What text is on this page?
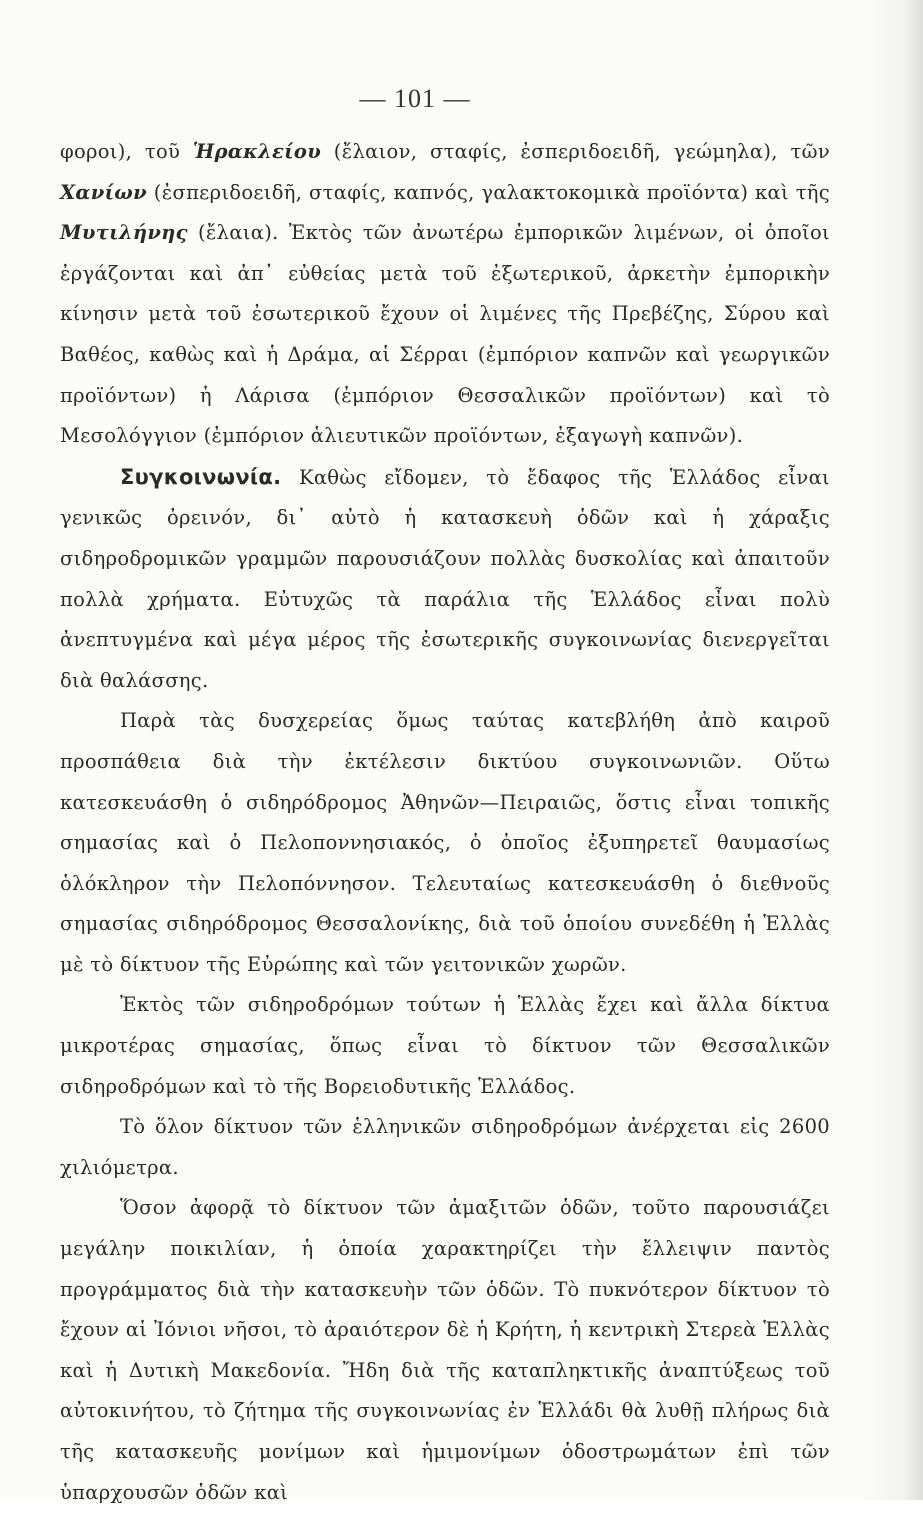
— 101 —

φοροι), τοῦ Ἡρακλείου (ἔλαιον, σταφίς, ἐσπεριδοειδῆ, γεώμηλα), τῶν Χανίων (ἐσπεριδοειδῆ, σταφίς, καπνός, γαλακτοκομικὰ προϊόντα) καὶ τῆς Μυτιλήνης (ἔλαια). Ἐκτὸς τῶν ἀνωτέρω ἐμπορικῶν λιμένων, οἱ ὁποῖοι ἐργάζονται καὶ ἀπ᾽ εὐθείας μετὰ τοῦ ἐξωτερικοῦ, ἀρκετὴν ἐμπορικὴν κίνησιν μετὰ τοῦ ἐσωτερικοῦ ἔχουν οἱ λιμένες τῆς Πρεβέζης, Σύρου καὶ Βαθέος, καθὼς καὶ ἡ Δράμα, αἱ Σέρραι (ἐμπόριον καπνῶν καὶ γεωργικῶν προϊόντων) ἡ Λάρισα (ἐμπόριον Θεσσαλικῶν προϊόντων) καὶ τὸ Μεσολόγγιον (ἐμπόριον ἁλιευτικῶν προϊόντων, ἐξαγωγὴ καπνῶν).

Συγκοινωνία. Καθὼς εἴδομεν, τὸ ἔδαφος τῆς Ἑλλάδος εἶναι γενικῶς ὀρεινόν, δι᾽ αὐτὸ ἡ κατασκευὴ ὁδῶν καὶ ἡ χάραξις σιδηροδρομικῶν γραμμῶν παρουσιάζουν πολλὰς δυσκολίας καὶ ἀπαιτοῦν πολλὰ χρήματα. Εὐτυχῶς τὰ παράλια τῆς Ἑλλάδος εἶναι πολὺ ἀνεπτυγμένα καὶ μέγα μέρος τῆς ἐσωτερικῆς συγκοινωνίας διενεργεῖται διὰ θαλάσσης.

Παρὰ τὰς δυσχερείας ὅμως ταύτας κατεβλήθη ἀπὸ καιροῦ προσπάθεια διὰ τὴν ἐκτέλεσιν δικτύου συγκοινωνιῶν. Οὕτω κατεσκευάσθη ὁ σιδηρόδρομος Ἀθηνῶν—Πειραιῶς, ὅστις εἶναι τοπικῆς σημασίας καὶ ὁ Πελοποννησιακός, ὁ ὁποῖος ἐξυπηρετεῖ θαυμασίως ὁλόκληρον τὴν Πελοπόννησον. Τελευταίως κατεσκευάσθη ὁ διεθνοῦς σημασίας σιδηρόδρομος Θεσσαλονίκης, διὰ τοῦ ὁποίου συνεδέθη ἡ Ἑλλὰς μὲ τὸ δίκτυον τῆς Εὐρώπης καὶ τῶν γειτονικῶν χωρῶν.

Ἐκτὸς τῶν σιδηροδρόμων τούτων ἡ Ἑλλὰς ἔχει καὶ ἄλλα δίκτυα μικροτέρας σημασίας, ὅπως εἶναι τὸ δίκτυον τῶν Θεσσαλικῶν σιδηροδρόμων καὶ τὸ τῆς Βορειοδυτικῆς Ἑλλάδος.

Τὸ ὅλον δίκτυον τῶν ἑλληνικῶν σιδηροδρόμων ἀνέρχεται εἰς 2600 χιλιόμετρα.

Ὅσον ἀφορᾷ τὸ δίκτυον τῶν ἁμαξιτῶν ὁδῶν, τοῦτο παρουσιάζει μεγάλην ποικιλίαν, ἡ ὁποία χαρακτηρίζει τὴν ἔλλειψιν παντὸς προγράμματος διὰ τὴν κατασκευὴν τῶν ὁδῶν. Τὸ πυκνότερον δίκτυον τὸ ἔχουν αἱ Ἰόνιοι νῆσοι, τὸ ἀραιότερον δὲ ἡ Κρήτη, ἡ κεντρικὴ Στερεὰ Ἑλλὰς καὶ ἡ Δυτικὴ Μακεδονία. Ἤδη διὰ τῆς καταπληκτικῆς ἀναπτύξεως τοῦ αὐτοκινήτου, τὸ ζήτημα τῆς συγκοινωνίας ἐν Ἑλλάδι θὰ λυθῇ πλήρως διὰ τῆς κατασκευῆς μονίμων καὶ ἡμιμονίμων ὁδοστρωμάτων ἐπὶ τῶν ὑπαρχουσῶν ὁδῶν καὶ
